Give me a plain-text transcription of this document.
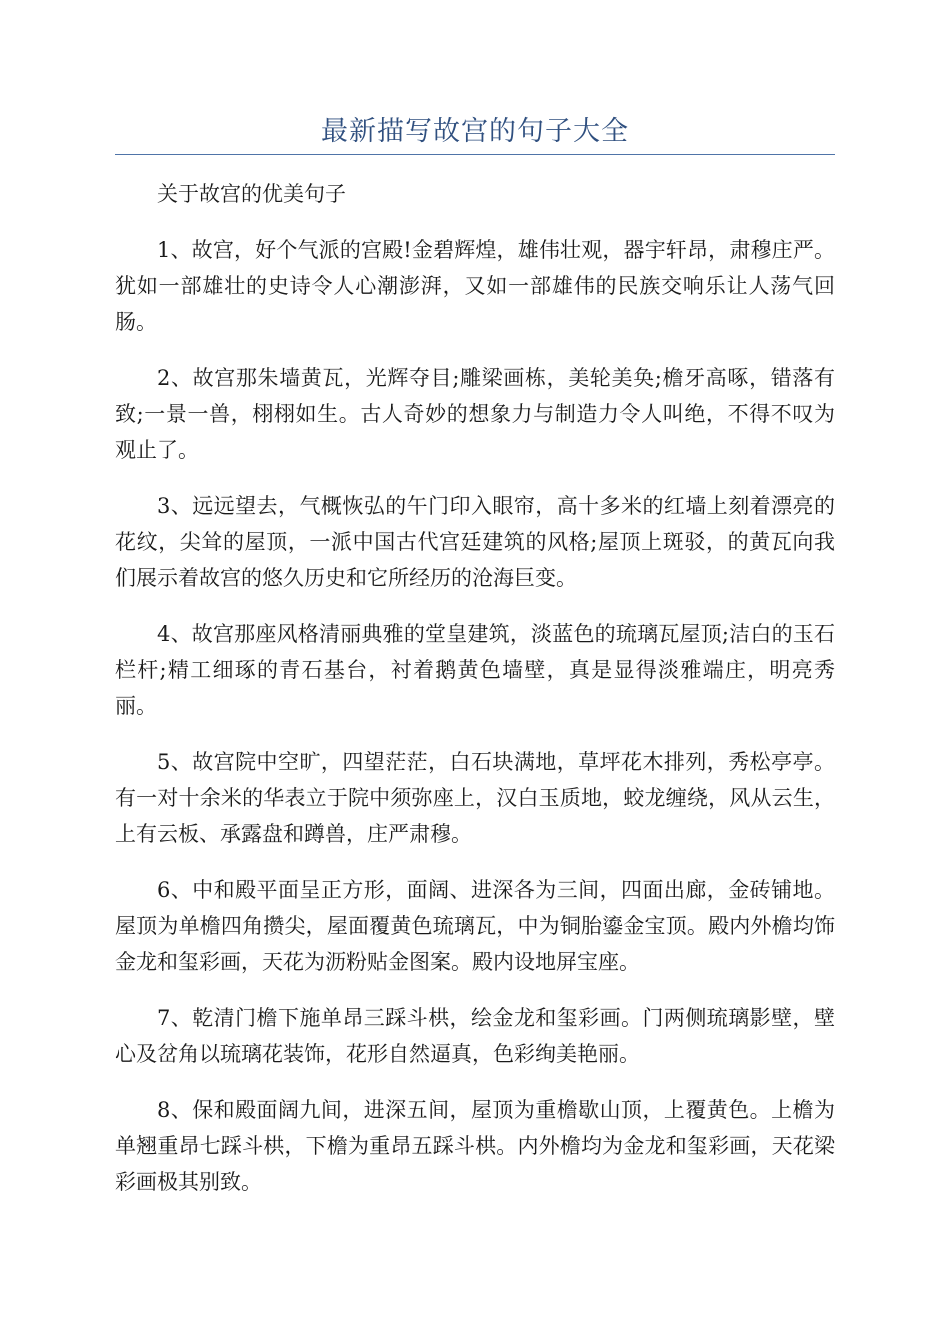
最新描写故宫的句子大全

关于故宫的优美句子

1、故宫，好个气派的宫殿!金碧辉煌，雄伟壮观，器宇轩昂，肃穆庄严。犹如一部雄壮的史诗令人心潮澎湃，又如一部雄伟的民族交响乐让人荡气回肠。

2、故宫那朱墙黄瓦，光辉夺目;雕梁画栋，美轮美奂;檐牙高啄，错落有致;一景一兽，栩栩如生。古人奇妙的想象力与制造力令人叫绝，不得不叹为观止了。

3、远远望去，气概恢弘的午门印入眼帘，高十多米的红墙上刻着漂亮的花纹，尖耸的屋顶，一派中国古代宫廷建筑的风格;屋顶上斑驳，的黄瓦向我们展示着故宫的悠久历史和它所经历的沧海巨变。

4、故宫那座风格清丽典雅的堂皇建筑，淡蓝色的琉璃瓦屋顶;洁白的玉石栏杆;精工细琢的青石基台，衬着鹅黄色墙壁，真是显得淡雅端庄，明亮秀丽。

5、故宫院中空旷，四望茫茫，白石块满地，草坪花木排列，秀松亭亭。有一对十余米的华表立于院中须弥座上，汉白玉质地，蛟龙缠绕，风从云生，上有云板、承露盘和蹲兽，庄严肃穆。

6、中和殿平面呈正方形，面阔、进深各为三间，四面出廊，金砖铺地。屋顶为单檐四角攒尖，屋面覆黄色琉璃瓦，中为铜胎鎏金宝顶。殿内外檐均饰金龙和玺彩画，天花为沥粉贴金图案。殿内设地屏宝座。

7、乾清门檐下施单昂三踩斗栱，绘金龙和玺彩画。门两侧琉璃影壁，壁心及岔角以琉璃花装饰，花形自然逼真，色彩绚美艳丽。

8、保和殿面阔九间，进深五间，屋顶为重檐歇山顶，上覆黄色。上檐为单翘重昂七踩斗栱，下檐为重昂五踩斗栱。内外檐均为金龙和玺彩画，天花梁彩画极其别致。
